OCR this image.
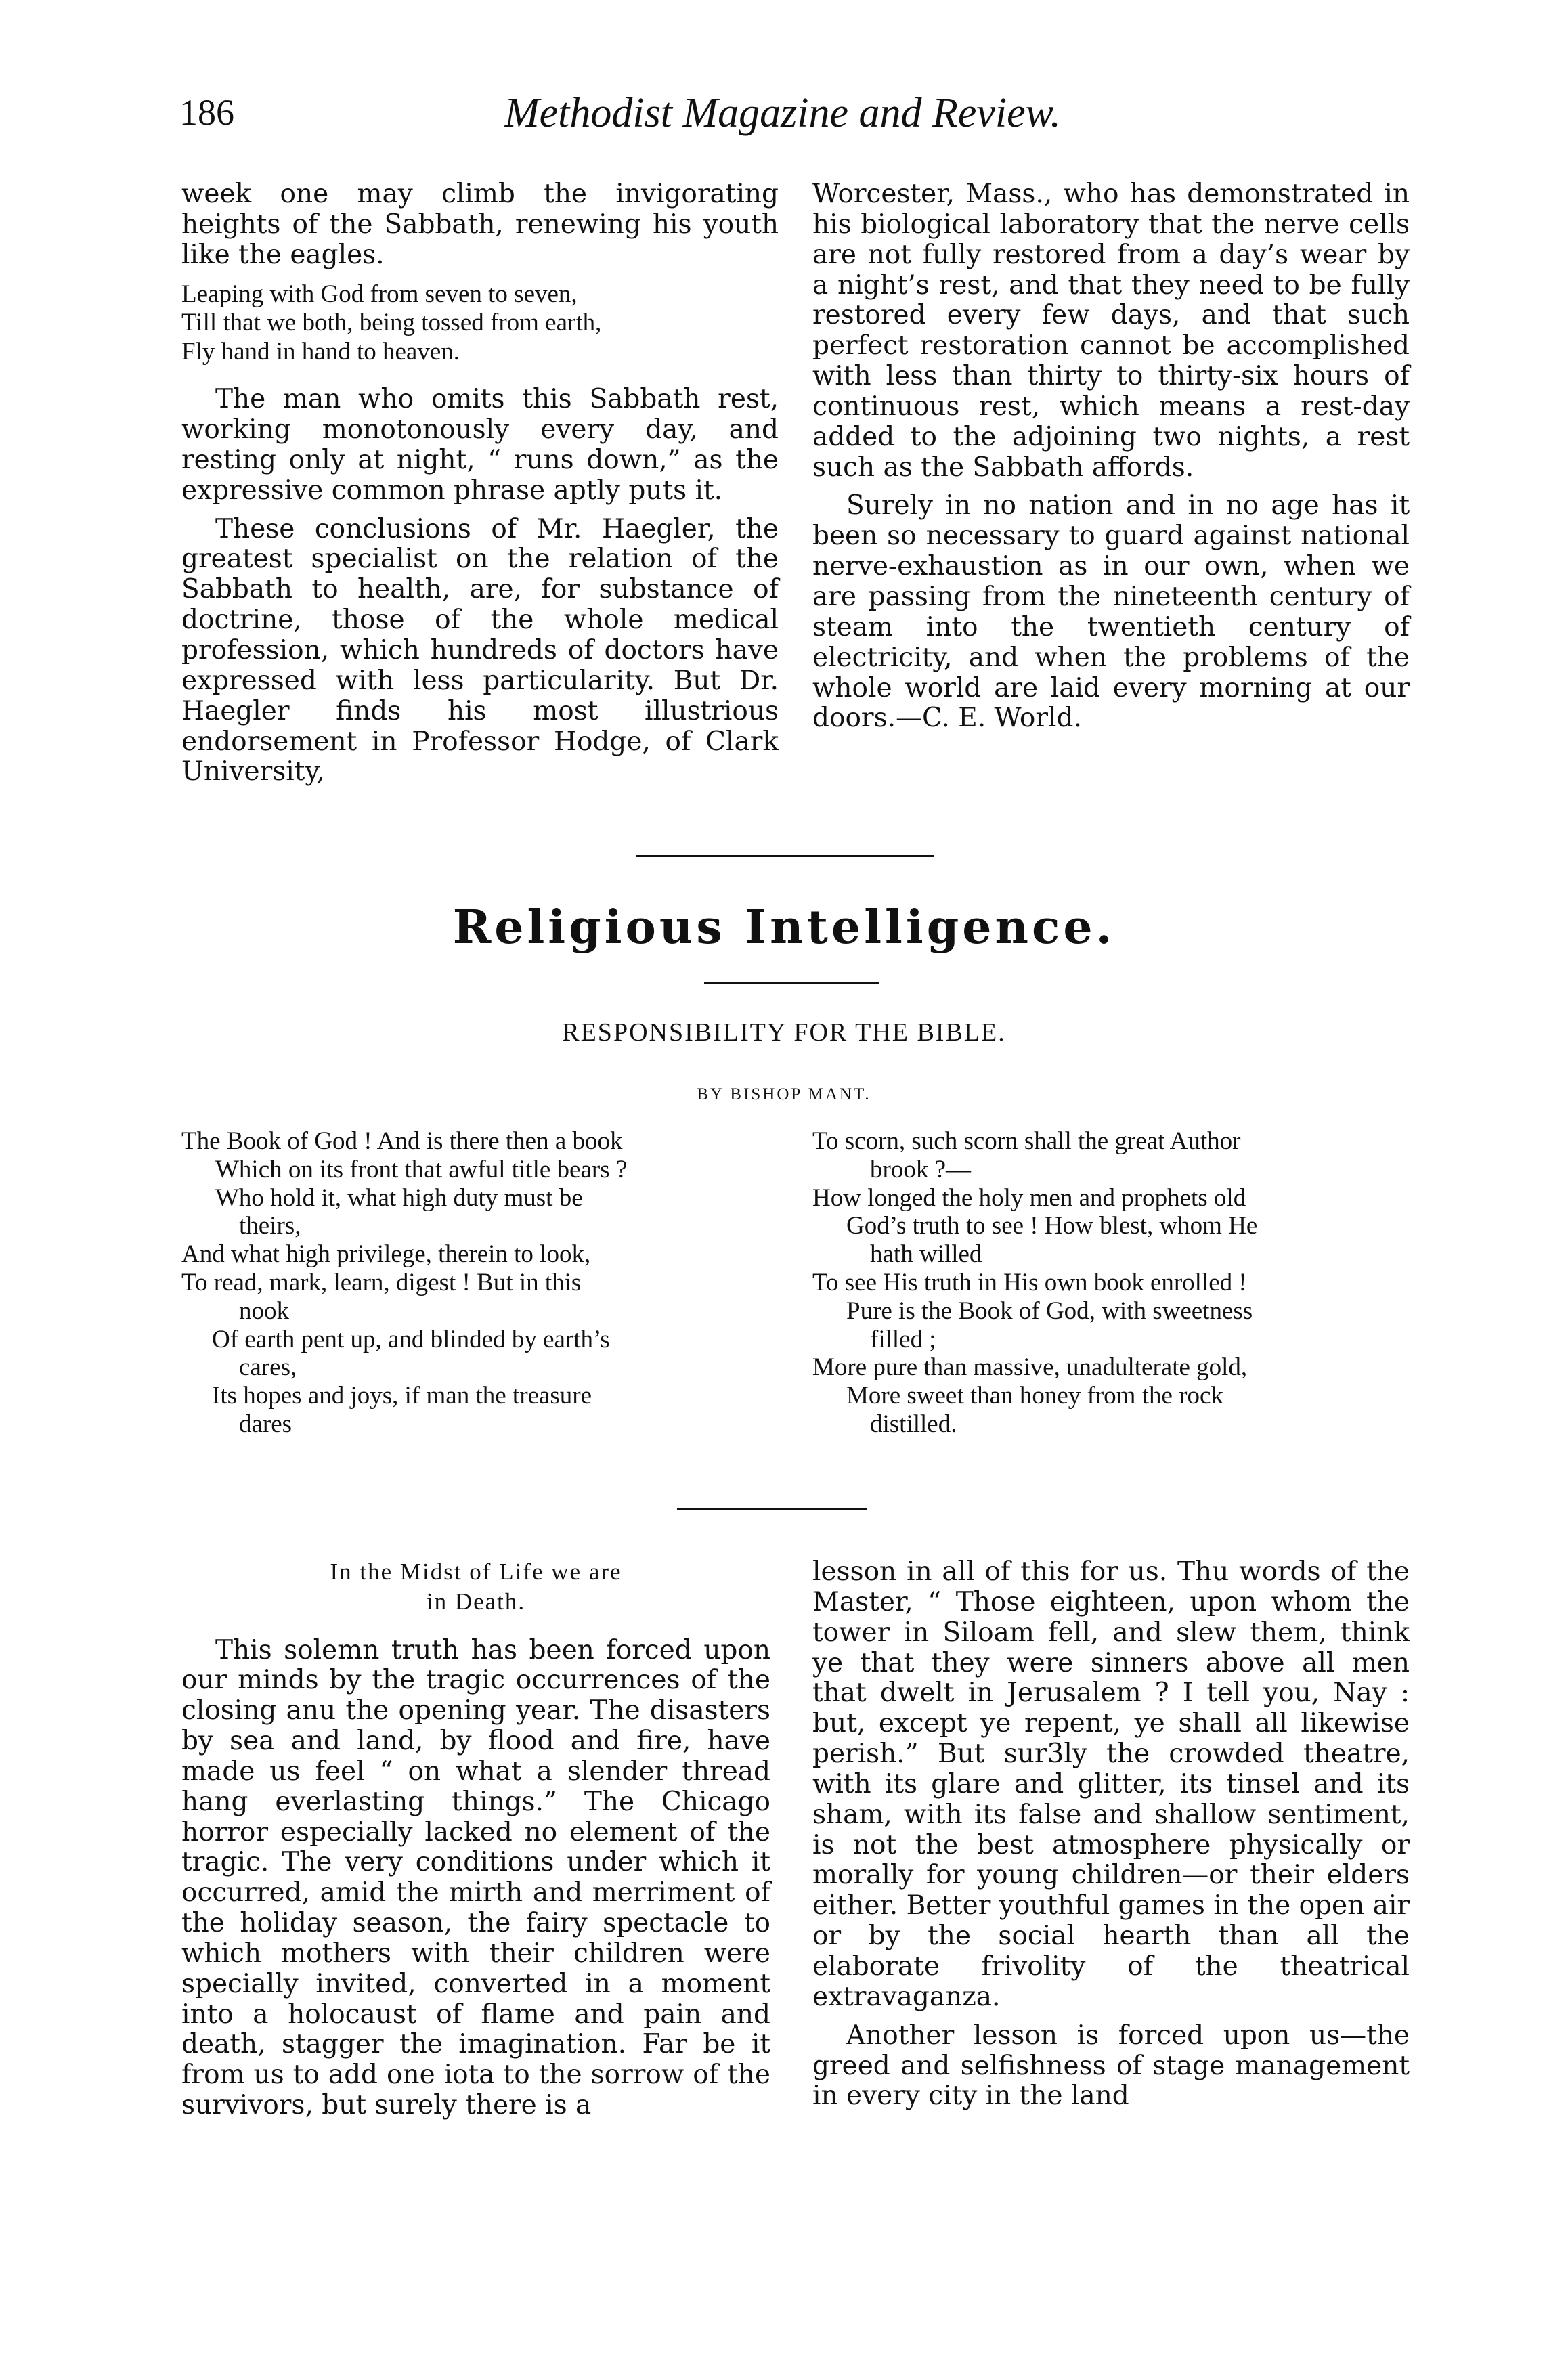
186	Methodist Magazine and Review.

week one may climb the invigorating heights of the Sabbath, renewing his youth like the eagles.

Leaping with God from seven to seven,
Till that we both, being tossed from earth,
Fly hand in hand to heaven.

The man who omits this Sabbath rest, working monotonously every day, and resting only at night, “ runs down,” as the expressive common phrase aptly puts it.

These conclusions of Mr. Haegler, the greatest specialist on the relation of the Sabbath to health, are, for substance of doctrine, those of the whole medical profession, which hundreds of doctors have expressed with less particularity. But Dr. Haegler finds his most illustrious endorsement in Professor Hodge, of Clark University,

Worcester, Mass., who has demonstrated in his biological laboratory that the nerve cells are not fully restored from a day’s wear by a night’s rest, and that they need to be fully restored every few days, and that such perfect restoration cannot be accomplished with less than thirty to thirty-six hours of continuous rest, which means a rest-day added to the adjoining two nights, a rest such as the Sabbath affords.

Surely in no nation and in no age has it been so necessary to guard against national nerve-exhaustion as in our own, when we are passing from the nineteenth century of steam into the twentieth century of electricity, and when the problems of the whole world are laid every morning at our doors.—C. E. World.

Religious Intelligence.
RESPONSIBILITY FOR THE BIBLE.
BY BISHOP MANT.
The Book of God ! And is there then a book
Which on its front that awful title bears ?
Who hold it, what high duty must be
theirs,
And what high privilege, therein to look,
To read, mark, learn, digest ! But in this
nook
Of earth pent up, and blinded by earth’s
cares,
Its hopes and joys, if man the treasure
dares
To scorn, such scorn shall the great Author
brook ?—
How longed the holy men and prophets old
God’s truth to see ! How blest, whom He
hath willed
To see His truth in His own book enrolled !
Pure is the Book of God, with sweetness
filled ;
More pure than massive, unadulterate gold,
More sweet than honey from the rock
distilled.
In the Midst of Life we are
in Death.

This solemn truth has been forced upon our minds by the tragic occurrences of the closing anu the opening year. The disasters by sea and land, by flood and fire, have made us feel “ on what a slender thread hang everlasting things.” The Chicago horror especially lacked no element of the tragic. The very conditions under which it occurred, amid the mirth and merriment of the holiday season, the fairy spectacle to which mothers with their children were specially invited, converted in a moment into a holocaust of flame and pain and death, stagger the imagination. Far be it from us to add one iota to the sorrow of the survivors, but surely there is a

lesson in all of this for us. Thu words of the Master, “ Those eighteen, upon whom the tower in Siloam fell, and slew them, think ye that they were sinners above all men that dwelt in Jerusalem ? I tell you, Nay : but, except ye repent, ye shall all likewise perish.” But sur3ly the crowded theatre, with its glare and glitter, its tinsel and its sham, with its false and shallow sentiment, is not the best atmosphere physically or morally for young children—or their elders either. Better youthful games in the open air or by the social hearth than all the elaborate frivolity of the theatrical extravaganza.

Another lesson is forced upon us—the greed and selfishness of stage management in every city in the land
